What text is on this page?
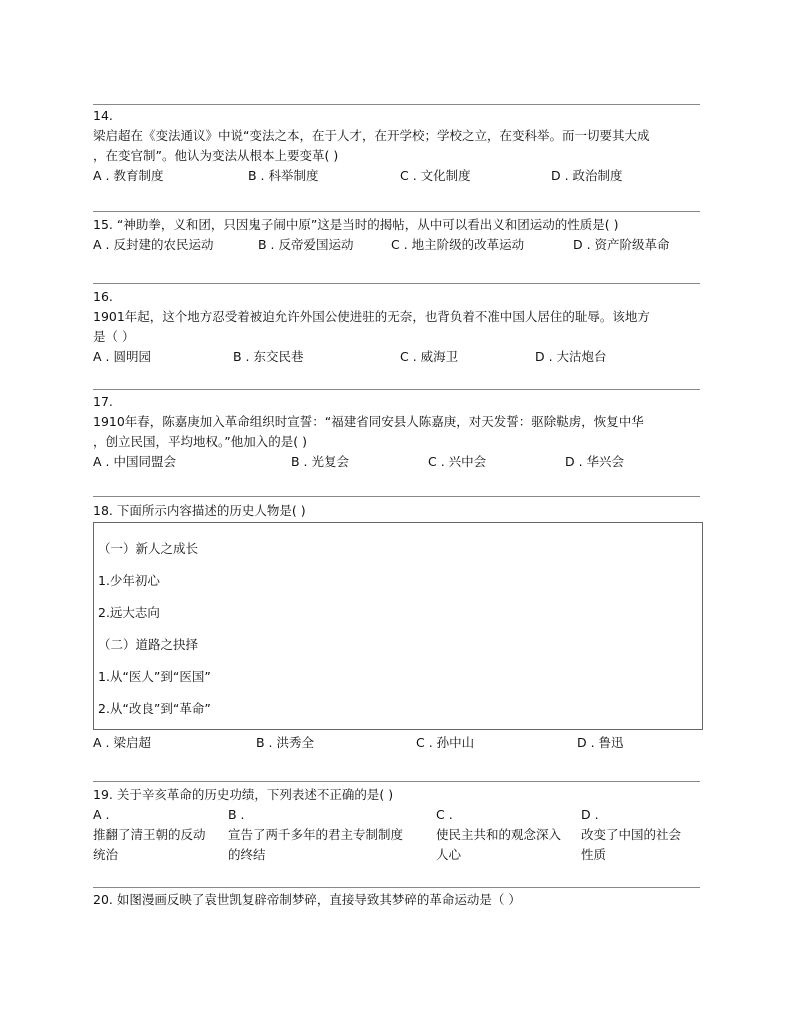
14.
梁启超在《变法通议》中说“变法之本，在于人才，在开学校；学校之立，在变科举。而一切要其大成
，在变官制”。他认为变法从根本上要变革( )
A . 教育制度	B . 科举制度	C . 文化制度	D . 政治制度
15. “神助拳，义和团，只因鬼子闹中原”这是当时的揭帖，从中可以看出义和团运动的性质是( )
A . 反封建的农民运动	B . 反帝爱国运动	C . 地主阶级的改革运动	D . 资产阶级革命
16.
1901年起，这个地方忍受着被迫允许外国公使进驻的无奈，也背负着不准中国人居住的耻辱。该地方
是（ ）
A . 圆明园	B . 东交民巷	C . 威海卫	D . 大沽炮台
17.
1910年春，陈嘉庚加入革命组织时宣誓：“福建省同安县人陈嘉庚，对天发誓：驱除鞑虏，恢复中华
，创立民国，平均地权。”他加入的是( )
A . 中国同盟会	B . 光复会	C . 兴中会	D . 华兴会
18. 下面所示内容描述的历史人物是( )
（一）新人之成长
1.少年初心
2.远大志向
（二）道路之抉择
1.从“医人”到“医国”
2.从“改良”到“革命”
A . 梁启超	B . 洪秀全	C . 孙中山	D . 鲁迅
19. 关于辛亥革命的历史功绩，下列表述不正确的是( )
A .
推翻了清王朝的反动
统治
B .
宣告了两千多年的君主专制制度
的终结
C .
使民主共和的观念深入
人心
D .
改变了中国的社会
性质
20. 如图漫画反映了袁世凯复辟帝制梦碎，直接导致其梦碎的革命运动是（ ）
